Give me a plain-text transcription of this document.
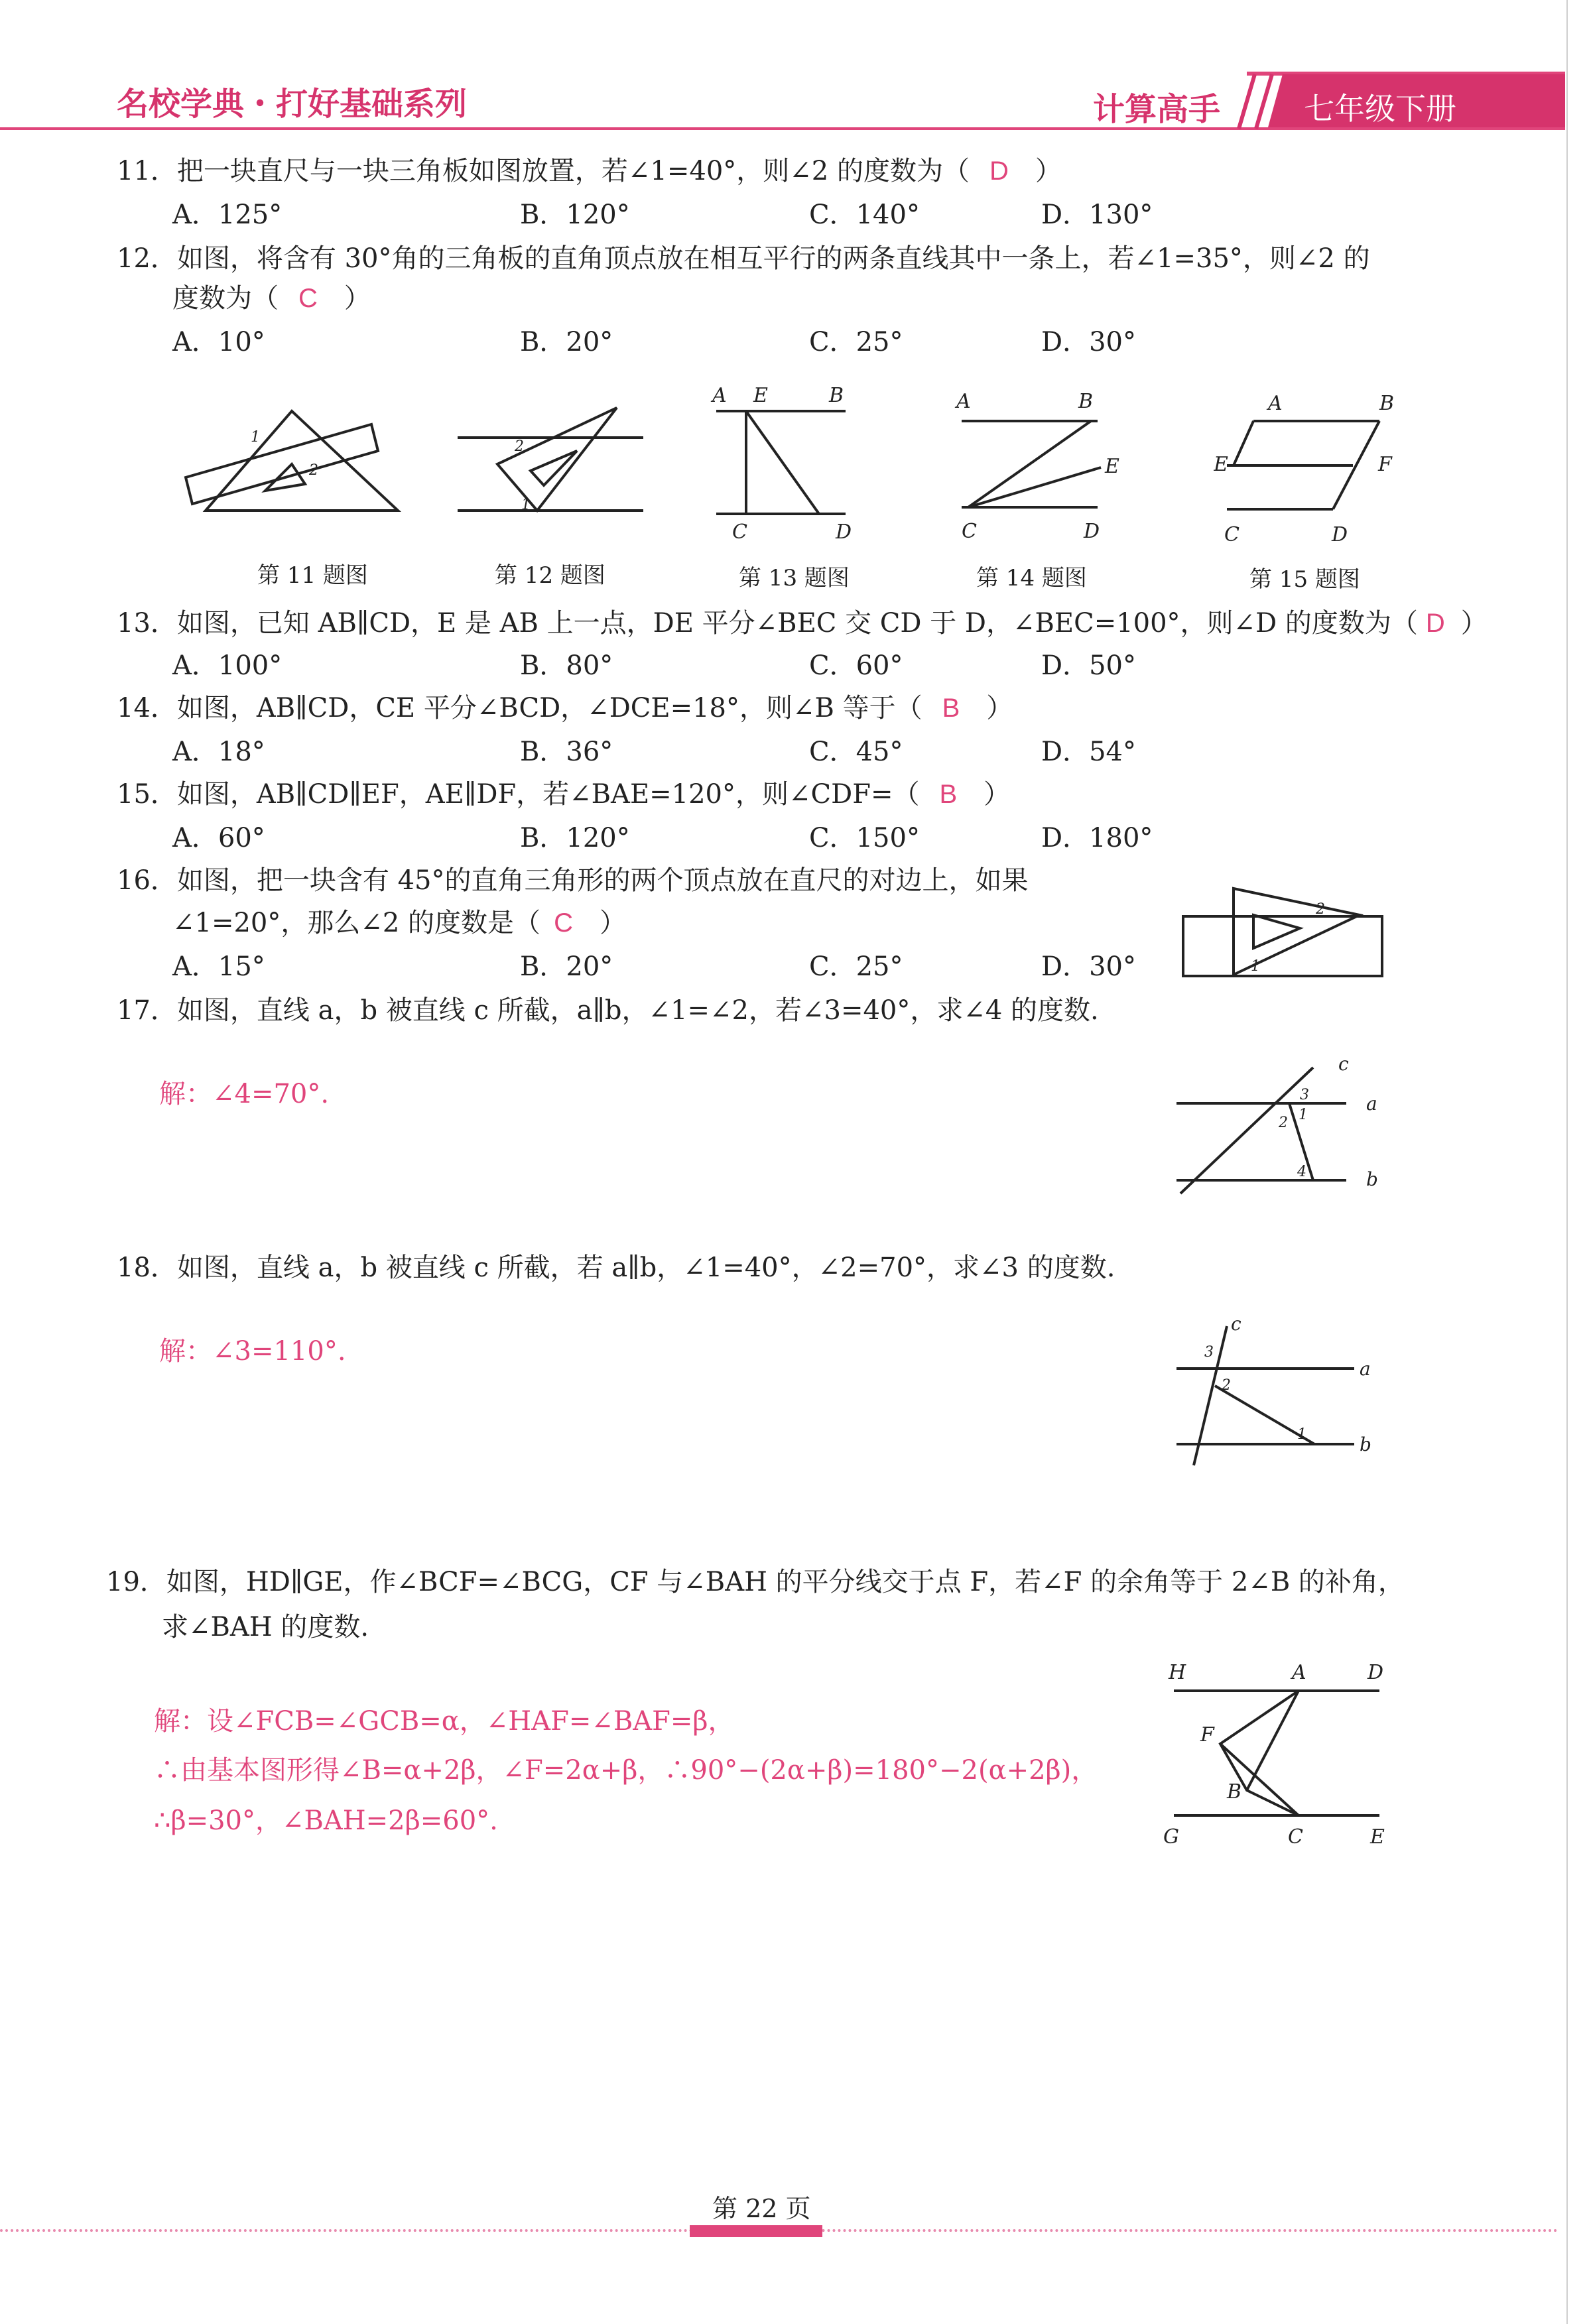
名校学典・打好基础系列	计算高手	七年级下册
11．把一块直尺与一块三角板如图放置，若∠1=40°，则∠2 的度数为（ D ）
A．125°	B．120°	C．140°	D．130°
12．如图，将含有 30°角的三角板的直角顶点放在相互平行的两条直线其中一条上，若∠1=35°，则∠2 的
度数为（ C ）
A．10°	B．20°	C．25°	D．30°
1
2
2
1
A E	B
C	D
A	B
E
C	D
A	B
E	F
C	D
第 11 题图	第 12 题图	第 13 题图	第 14 题图	第 15 题图
13．如图，已知 AB∥CD，E 是 AB 上一点，DE 平分∠BEC 交 CD 于 D，∠BEC=100°，则∠D 的度数为（ D ）
A．100°	B．80°	C．60°	D．50°
14．如图，AB∥CD，CE 平分∠BCD，∠DCE=18°，则∠B 等于（ B ）
A．18°	B．36°	C．45°	D．54°
15．如图，AB∥CD∥EF，AE∥DF，若∠BAE=120°，则∠CDF=（ B ）
A．60°	B．120°	C．150°	D．180°
16．如图，把一块含有 45°的直角三角形的两个顶点放在直尺的对边上，如果
∠1=20°，那么∠2 的度数是（ C ）
A．15°	B．20°	C．25°	D．30°
2
1
17．如图，直线 a，b 被直线 c 所截，a∥b，∠1=∠2，若∠3=40°，求∠4 的度数.
解：∠4=70°.
c
a
b
3
1
2
4
18．如图，直线 a，b 被直线 c 所截，若 a∥b，∠1=40°，∠2=70°，求∠3 的度数.
解：∠3=110°.
c
a
b
3
2
1
19．如图，HD∥GE，作∠BCF=∠BCG，CF 与∠BAH 的平分线交于点 F，若∠F 的余角等于 2∠B 的补角，
求∠BAH 的度数.
解：设∠FCB=∠GCB=α，∠HAF=∠BAF=β，
∴由基本图形得∠B=α+2β，∠F=2α+β，∴90°−(2α+β)=180°−2(α+2β)，
∴β=30°，∠BAH=2β=60°.
H	A	D
F
B
G	C	E
第 22 页
